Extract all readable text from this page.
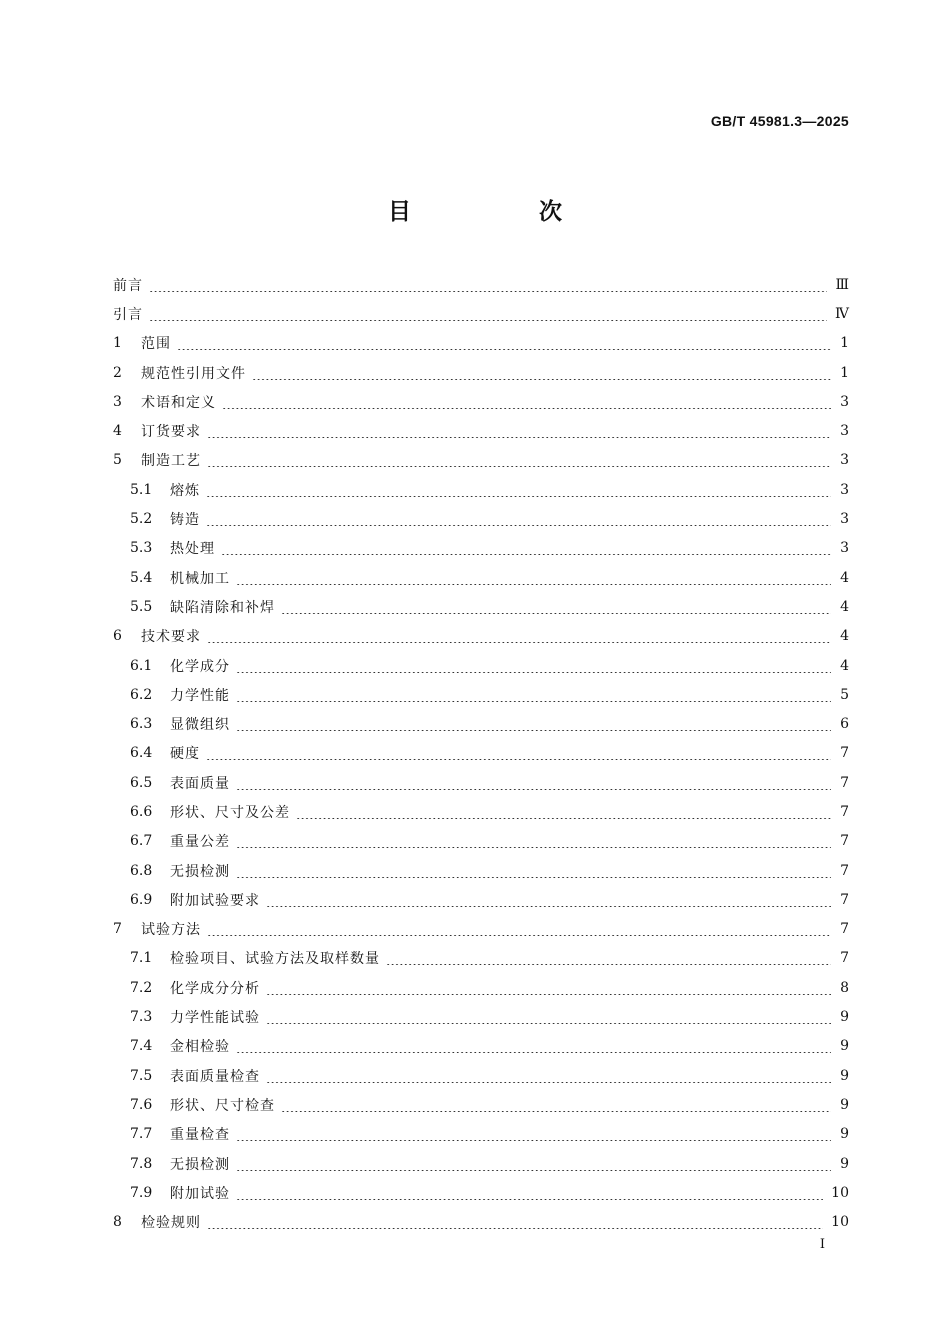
GB/T 45981.3—2025
目 次
前言	Ⅲ
引言	Ⅳ
1	范围	1
2	规范性引用文件	1
3	术语和定义	3
4	订货要求	3
5	制造工艺	3
5.1	熔炼	3
5.2	铸造	3
5.3	热处理	3
5.4	机械加工	4
5.5	缺陷清除和补焊	4
6	技术要求	4
6.1	化学成分	4
6.2	力学性能	5
6.3	显微组织	6
6.4	硬度	7
6.5	表面质量	7
6.6	形状、尺寸及公差	7
6.7	重量公差	7
6.8	无损检测	7
6.9	附加试验要求	7
7	试验方法	7
7.1	检验项目、试验方法及取样数量	7
7.2	化学成分分析	8
7.3	力学性能试验	9
7.4	金相检验	9
7.5	表面质量检查	9
7.6	形状、尺寸检查	9
7.7	重量检查	9
7.8	无损检测	9
7.9	附加试验	10
8	检验规则	10
I
